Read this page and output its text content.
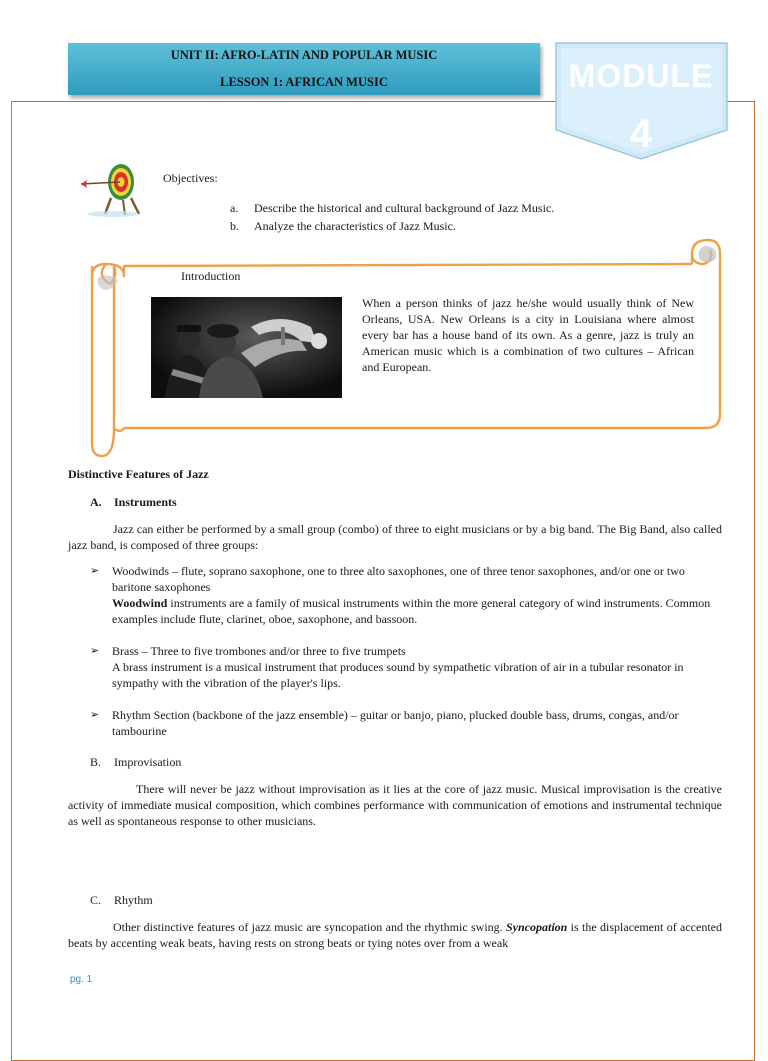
UNIT II: AFRO-LATIN AND POPULAR MUSIC
LESSON 1: AFRICAN MUSIC	MODULE
4
Objectives:
a.	Describe the historical and cultural background of Jazz Music.
b.	Analyze the characteristics of Jazz Music.
Introduction
When a person thinks of jazz he/she would usually think of New Orleans, USA. New Orleans is a city in Louisiana where almost every bar has a house band of its own. As a genre, jazz is truly an American music which is a combination of two cultures – African and European.
Distinctive Features of Jazz
A.	Instruments
Jazz can either be performed by a small group (combo) of three to eight musicians or by a big band. The Big Band, also called jazz band, is composed of three groups:
➢	Woodwinds – flute, soprano saxophone, one to three alto saxophones, one of three tenor saxophones, and/or one or two baritone saxophones
Woodwind instruments are a family of musical instruments within the more general category of wind instruments. Common examples include flute, clarinet, oboe, saxophone, and bassoon.
➢	Brass – Three to five trombones and/or three to five trumpets
A brass instrument is a musical instrument that produces sound by sympathetic vibration of air in a tubular resonator in sympathy with the vibration of the player's lips.
➢	Rhythm Section (backbone of the jazz ensemble) – guitar or banjo, piano, plucked double bass, drums, congas, and/or tambourine
B.	Improvisation
There will never be jazz without improvisation as it lies at the core of jazz music. Musical improvisation is the creative activity of immediate musical composition, which combines performance with communication of emotions and instrumental technique as well as spontaneous response to other musicians.
C.	Rhythm
Other distinctive features of jazz music are syncopation and the rhythmic swing. Syncopation is the displacement of accented beats by accenting weak beats, having rests on strong beats or tying notes over from a weak
pg. 1
